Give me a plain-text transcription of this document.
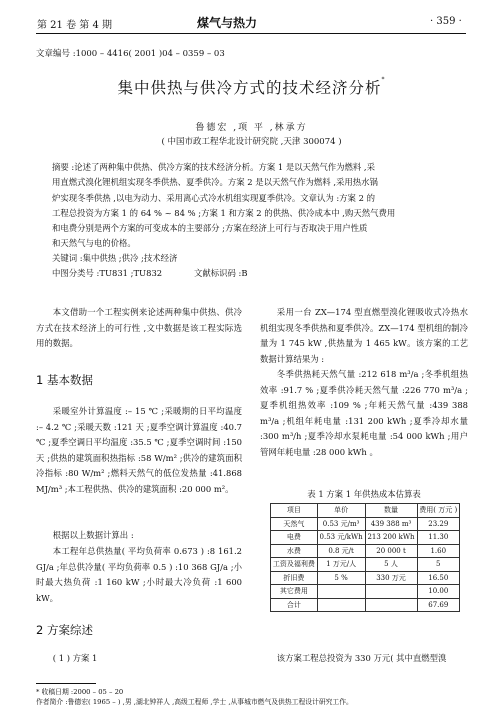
第 21 卷 第 4 期	煤气与热力	· 359 ·
文章编号 :1000 – 4416( 2001 )04 – 0359 – 03
集中供热与供冷方式的技术经济分析*
鲁德宏 ,项 平 ,林承方
( 中国市政工程华北设计研究院 ,天津 300074 )
摘要 :论述了两种集中供热、供冷方案的技术经济分析。方案 1 是以天然气作为燃料 ,采
用直燃式溴化锂机组实现冬季供热、夏季供冷。方案 2 是以天然气作为燃料 ,采用热水锅
炉实现冬季供热 ,以电为动力、采用离心式冷水机组实现夏季供冷。文章认为 :方案 2 的
工程总投资为方案 1 的 64 % ~ 84 % ;方案 1 和方案 2 的供热、供冷成本中 ,购天然气费用
和电费分别是两个方案的可变成本的主要部分 ;方案在经济上可行与否取决于用户性质
和天然气与电的价格。
关键词 :集中供热 ;供冷 ;技术经济
中图分类号 :TU831 ;TU832	文献标识码 :B
本文借助一个工程实例来论述两种集中供热、供冷方式在技术经济上的可行性 ,文中数据是该工程实际选用的数据。
1 基本数据
采暖室外计算温度 :– 15 ℃ ;采暖期的日平均温度 :– 4.2 ℃ ;采暖天数 :121 天 ;夏季空调计算温度 :40.7 ℃ ;夏季空调日平均温度 :35.5 ℃ ;夏季空调时间 :150 天 ;供热的建筑面积热指标 :58 W/m² ;供冷的建筑面积冷指标 :80 W/m² ;燃料天然气的低位发热量 :41.868 MJ/m³ ;本工程供热、供冷的建筑面积 :20 000 m²。
根据以上数据计算出 :
本工程年总供热量( 平均负荷率 0.673 ) :8 161.2 GJ/a ;年总供冷量( 平均负荷率 0.5 ) :10 368 GJ/a ;小时最大热负荷 :1 160 kW ;小时最大冷负荷 :1 600 kW。
2 方案综述
( 1 ) 方案 1
采用一台 ZX—174 型直燃型溴化锂吸收式冷热水机组实现冬季供热和夏季供冷。ZX—174 型机组的制冷量为 1 745 kW ,供热量为 1 465 kW。该方案的工艺数据计算结果为 :
冬季供热耗天然气量 :212 618 m³/a ;冬季机组热效率 :91.7 % ;夏季供冷耗天然气量 :226 770 m³/a ;夏季机组热效率 :109 % ;年耗天然气量 :439 388 m³/a ;机组年耗电量 :131 200 kWh ;夏季冷却水量 :300 m³/h ;夏季冷却水泵耗电量 :54 000 kWh ;用户管网年耗电量 :28 000 kWh 。
表 1 方案 1 年供热成本估算表
项目	单价	数量	费用( 万元 )
天然气	0.53 元/m³	439 388 m³	23.29
电费	0.53 元/kWh	213 200 kWh	11.30
水费	0.8 元/t	20 000 t	1.60
工资及福利费	1 万元/人	5 人	5
折旧费	5 %	330 万元	16.50
其它费用			10.00
合计			67.69
该方案工程总投资为 330 万元( 其中直燃型溴
* 收稿日期 :2000 – 05 – 20
作者简介 :鲁德宏( 1965 – ) ,男 ,湖北钟祥人 ,高级工程师 ,学士 ,从事城市燃气及供热工程设计研究工作。
